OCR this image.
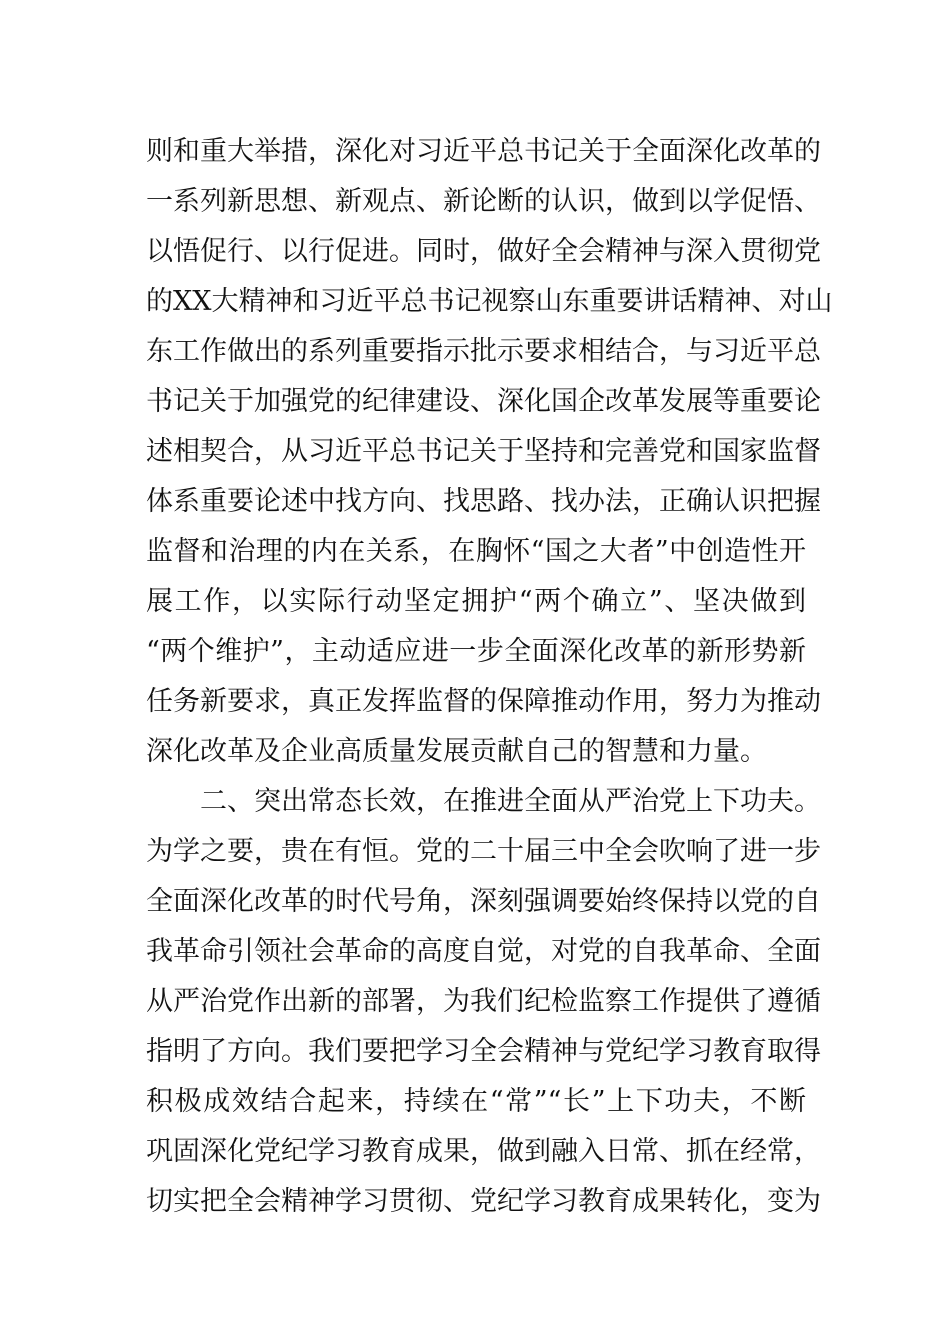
则和重大举措，深化对习近平总书记关于全面深化改革的
一系列新思想、新观点、新论断的认识，做到以学促悟、
以悟促行、以行促进。同时，做好全会精神与深入贯彻党
的XX大精神和习近平总书记视察山东重要讲话精神、对山
东工作做出的系列重要指示批示要求相结合，与习近平总
书记关于加强党的纪律建设、深化国企改革发展等重要论
述相契合，从习近平总书记关于坚持和完善党和国家监督
体系重要论述中找方向、找思路、找办法，正确认识把握
监督和治理的内在关系，在胸怀“国之大者”中创造性开
展工作，以实际行动坚定拥护“两个确立”、坚决做到
“两个维护”，主动适应进一步全面深化改革的新形势新
任务新要求，真正发挥监督的保障推动作用，努力为推动
深化改革及企业高质量发展贡献自己的智慧和力量。
二、突出常态长效，在推进全面从严治党上下功夫。
为学之要，贵在有恒。党的二十届三中全会吹响了进一步
全面深化改革的时代号角，深刻强调要始终保持以党的自
我革命引领社会革命的高度自觉，对党的自我革命、全面
从严治党作出新的部署，为我们纪检监察工作提供了遵循
指明了方向。我们要把学习全会精神与党纪学习教育取得
积极成效结合起来，持续在“常”“长”上下功夫，不断
巩固深化党纪学习教育成果，做到融入日常、抓在经常，
切实把全会精神学习贯彻、党纪学习教育成果转化，变为
